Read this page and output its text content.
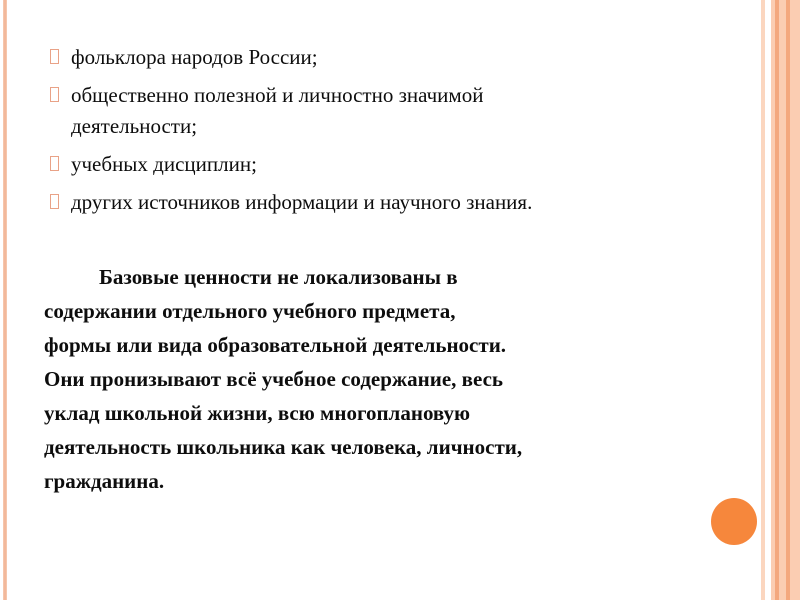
фольклора народов России;
общественно полезной и личностно значимой
деятельности;
учебных дисциплин;
других источников информации и научного знания.
Базовые ценности не локализованы в
содержании отдельного учебного предмета,
формы или вида образовательной деятельности.
Они пронизывают всё учебное содержание, весь
уклад школьной жизни, всю многоплановую
деятельность школьника как человека, личности,
гражданина.
